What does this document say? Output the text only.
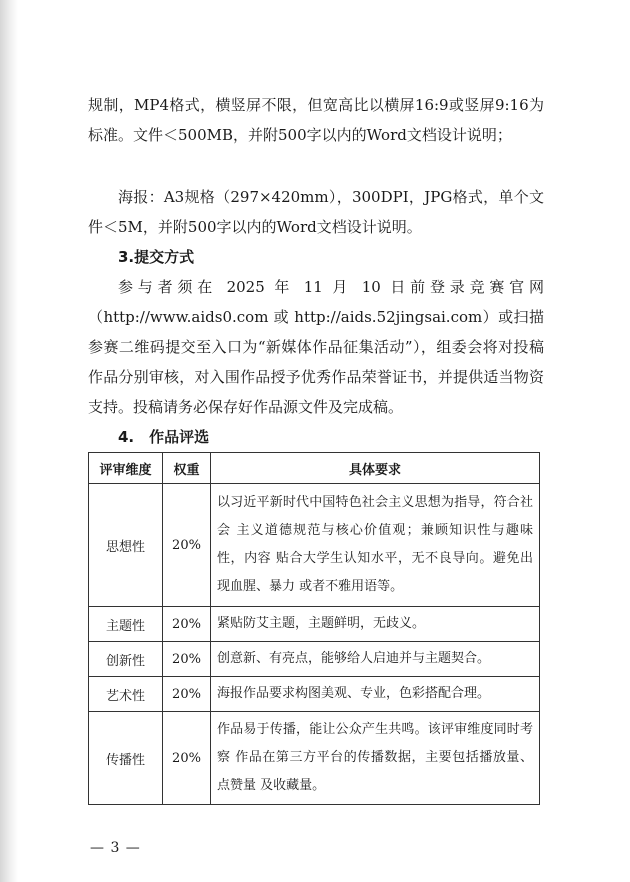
规制，MP4格式，横竖屏不限，但宽高比以横屏16:9或竖屏9:16为标准。文件＜500MB，并附500字以内的Word文档设计说明；

海报：A3规格（297×420mm），300DPI，JPG格式，单个文件＜5M，并附500字以内的Word文档设计说明。

3.提交方式

参与者须在 2025 年 11 月 10 日前登录竞赛官网（http://www.aids0.com 或 http://aids.52jingsai.com）或扫描参赛二维码提交至入口为“新媒体作品征集活动”），组委会将对投稿作品分别审核，对入围作品授予优秀作品荣誉证书，并提供适当物资支持。投稿请务必保存好作品源文件及完成稿。

4.　作品评选

评审维度	权重	具体要求
思想性	20%	以习近平新时代中国特色社会主义思想为指导，符合社会 主义道德规范与核心价值观；兼顾知识性与趣味性，内容 贴合大学生认知水平，无不良导向。避免出现血腥、暴力 或者不雅用语等。
主题性	20%	紧贴防艾主题，主题鲜明，无歧义。
创新性	20%	创意新、有亮点，能够给人启迪并与主题契合。
艺术性	20%	海报作品要求构图美观、专业，色彩搭配合理。
传播性	20%	作品易于传播，能让公众产生共鸣。该评审维度同时考察 作品在第三方平台的传播数据，主要包括播放量、点赞量 及收藏量。
— 3 —
